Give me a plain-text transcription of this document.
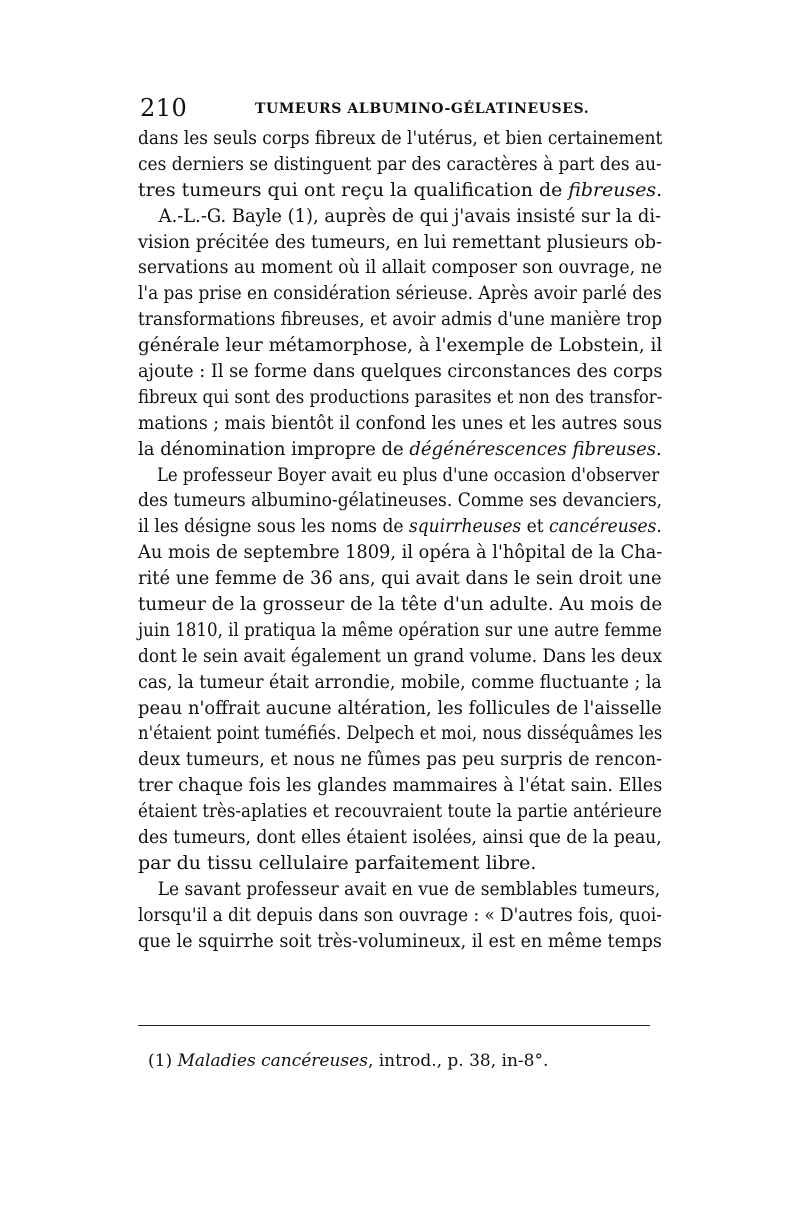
210	TUMEURS ALBUMINO-GÉLATINEUSES.
dans les seuls corps fibreux de l'utérus, et bien certainement
ces derniers se distinguent par des caractères à part des au-
tres tumeurs qui ont reçu la qualification de fibreuses.
A.-L.-G. Bayle (1), auprès de qui j'avais insisté sur la di-
vision précitée des tumeurs, en lui remettant plusieurs ob-
servations au moment où il allait composer son ouvrage, ne
l'a pas prise en considération sérieuse. Après avoir parlé des
transformations fibreuses, et avoir admis d'une manière trop
générale leur métamorphose, à l'exemple de Lobstein, il
ajoute : Il se forme dans quelques circonstances des corps
fibreux qui sont des productions parasites et non des transfor-
mations ; mais bientôt il confond les unes et les autres sous
la dénomination impropre de dégénérescences fibreuses.
Le professeur Boyer avait eu plus d'une occasion d'observer
des tumeurs albumino-gélatineuses. Comme ses devanciers,
il les désigne sous les noms de squirrheuses et cancéreuses.
Au mois de septembre 1809, il opéra à l'hôpital de la Cha-
rité une femme de 36 ans, qui avait dans le sein droit une
tumeur de la grosseur de la tête d'un adulte. Au mois de
juin 1810, il pratiqua la même opération sur une autre femme
dont le sein avait également un grand volume. Dans les deux
cas, la tumeur était arrondie, mobile, comme fluctuante ; la
peau n'offrait aucune altération, les follicules de l'aisselle
n'étaient point tuméfiés. Delpech et moi, nous disséquâmes les
deux tumeurs, et nous ne fûmes pas peu surpris de rencon-
trer chaque fois les glandes mammaires à l'état sain. Elles
étaient très-aplaties et recouvraient toute la partie antérieure
des tumeurs, dont elles étaient isolées, ainsi que de la peau,
par du tissu cellulaire parfaitement libre.
Le savant professeur avait en vue de semblables tumeurs,
lorsqu'il a dit depuis dans son ouvrage : « D'autres fois, quoi-
que le squirrhe soit très-volumineux, il est en même temps
(1) Maladies cancéreuses, introd., p. 38, in-8°.
